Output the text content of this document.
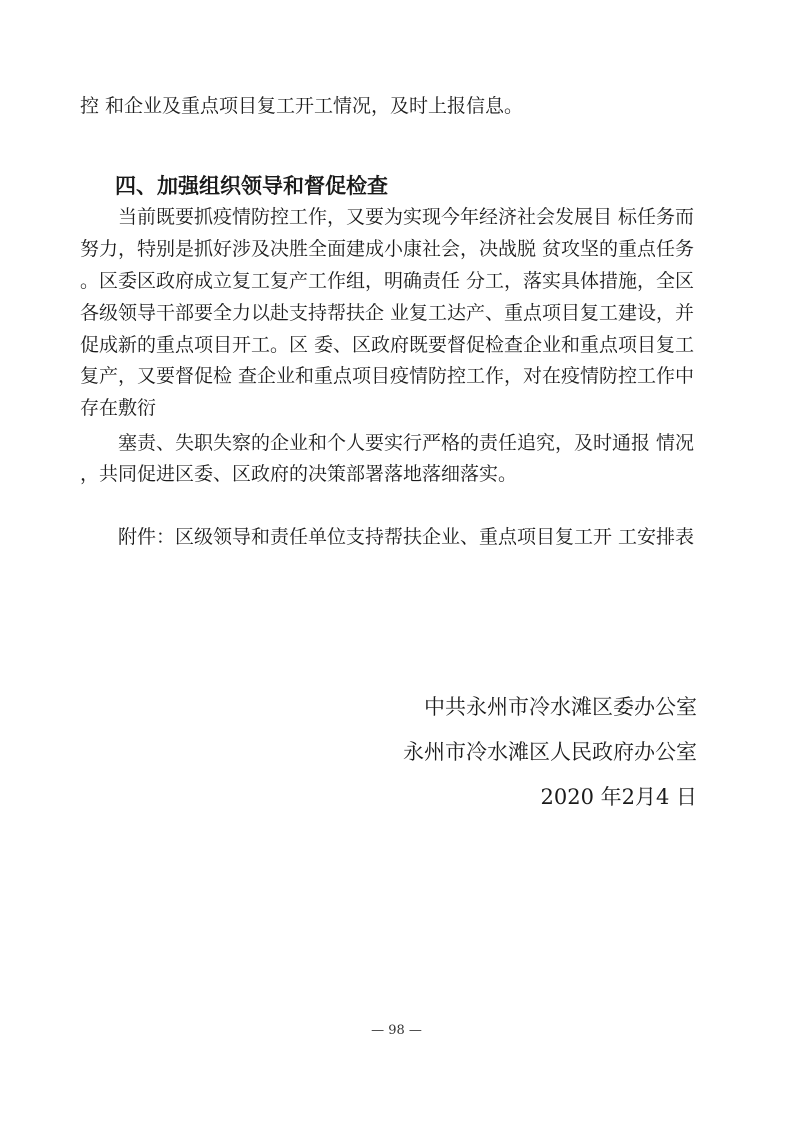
控 和企业及重点项目复工开工情况，及时上报信息。
四、加强组织领导和督促检查
当前既要抓疫情防控工作，又要为实现今年经济社会发展目 标任务而
努力，特别是抓好涉及决胜全面建成小康社会，决战脱 贫攻坚的重点任务
。区委区政府成立复工复产工作组，明确责任 分工，落实具体措施，全区
各级领导干部要全力以赴支持帮扶企 业复工达产、重点项目复工建设，并
促成新的重点项目开工。区 委、区政府既要督促检查企业和重点项目复工
复产，又要督促检 查企业和重点项目疫情防控工作，对在疫情防控工作中
存在敷衍
塞责、失职失察的企业和个人要实行严格的责任追究，及时通报 情况
，共同促进区委、区政府的决策部署落地落细落实。
附件：区级领导和责任单位支持帮扶企业、重点项目复工开 工安排表
中共永州市冷水滩区委办公室
永州市冷水滩区人民政府办公室
2020 年2月4 日
— 98 —
